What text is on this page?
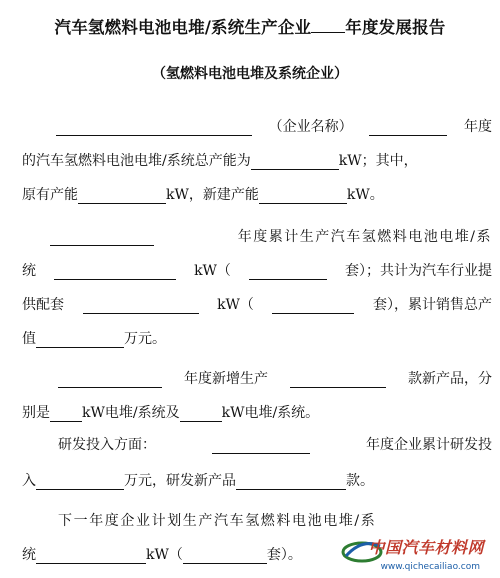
汽车氢燃料电池电堆/系统生产企业 年度发展报告
（氢燃料电池电堆及系统企业）
（企业名称）	年度
的汽车氢燃料电池电堆/系统总产能为	kW；其中，
原有产能	kW，新建产能	kW。
年度累计生产汽车氢燃料电池电堆/系
统	kW（	套）；共计为汽车行业提
供配套	kW（	套），累计销售总产
值	万元。
年度新增生产	款新产品，分
别是 kW电堆/系统及	kW电堆/系统。
研发投入方面：	年度企业累计研发投
入	万元，研发新产品	款。
下一年度企业计划生产汽车氢燃料电池电堆/系
统	kW（	套）。	中国汽车材料网
www.qichecailiao.com
